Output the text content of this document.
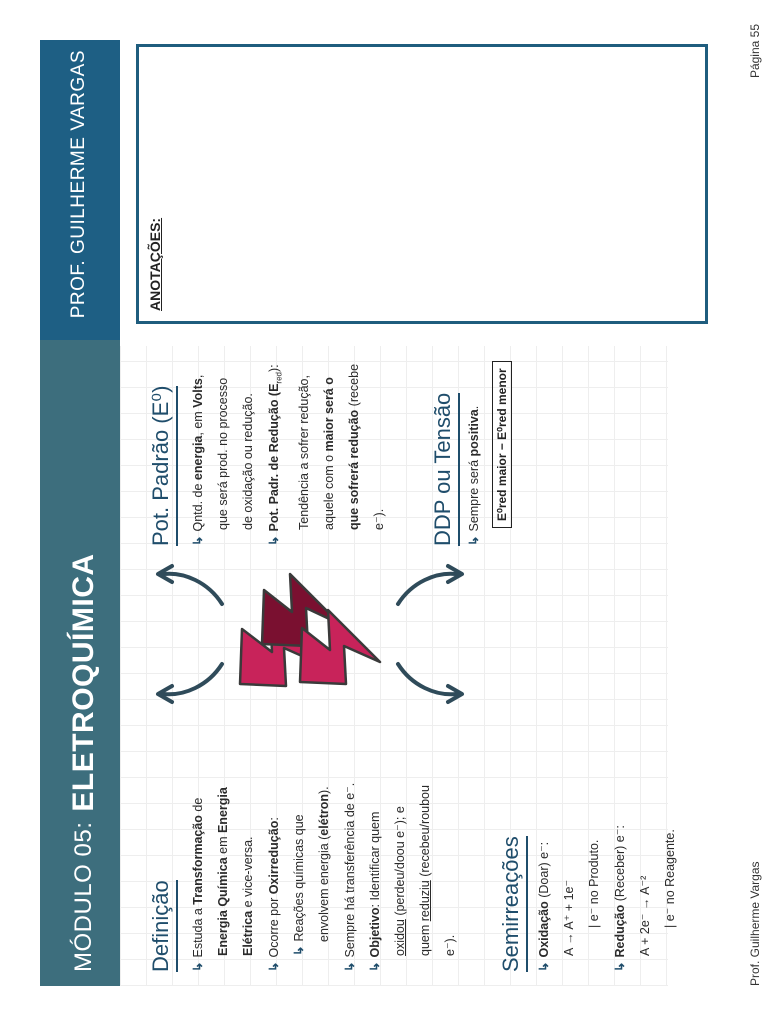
MÓDULO 05:
ELETROQUÍMICA
PROF. GUILHERME VARGAS	ANOTAÇÕES:
Definição	↳Estuda a Transformação de
Energia Química em Energia
Elétrica e vice-versa.
↳Ocorre por Oxirredução:
↳Reações químicas que envolvem energia (elétron).
↳Sempre há transferência de e⁻.
↳Objetivo: Identificar quem
oxidou (perdeu/doou e⁻); e
quem reduziu (recebeu/roubou
e⁻). Semirreações	↳Oxidação (Doar) e⁻:
A → A⁺ + 1e⁻ | e⁻ no Produto.
↳Redução (Receber) e⁻:
A + 2e⁻ → A⁻² | e⁻ no Reagente.
Pot. Padrão (E⁰)	↳Qntd. de energia, em Volts,
que será prod. no processo de oxidação ou redução.
↳Pot. Padr. de Redução $(E_{red})$:
Tendência a sofrer redução, aquele com o maior será o que sofrerá redução (recebe
e⁻). DDP ou Tensão ↳Sempre será positiva.	E⁰red maior − E⁰red menor
Prof. Guilherme Vargas
Página 55
